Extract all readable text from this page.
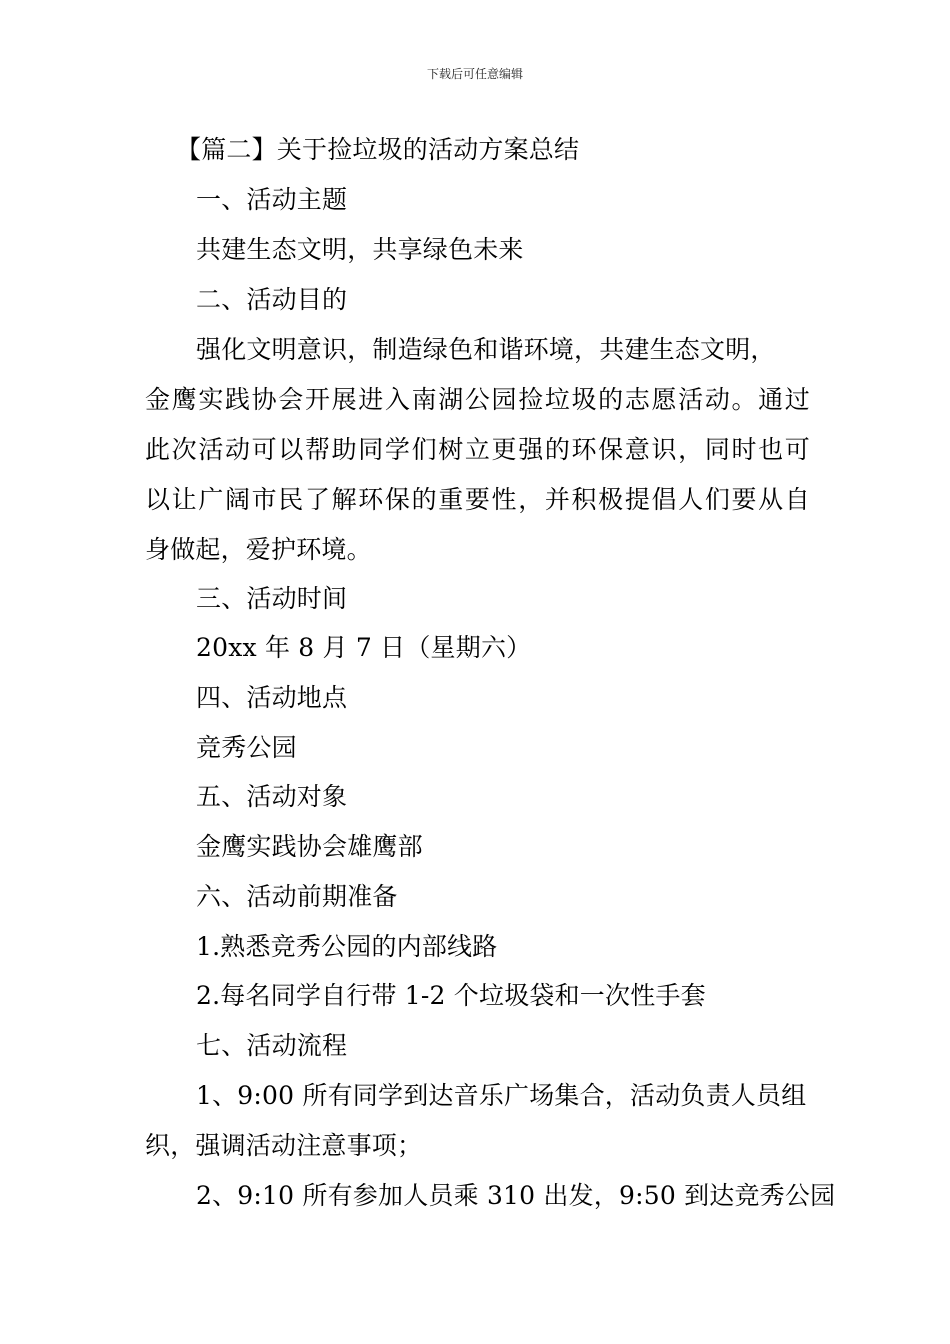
下载后可任意编辑
【篇二】关于捡垃圾的活动方案总结
一、活动主题
共建生态文明，共享绿色未来
二、活动目的
强化文明意识，制造绿色和谐环境，共建生态文明，
金鹰实践协会开展进入南湖公园捡垃圾的志愿活动。通过
此次活动可以帮助同学们树立更强的环保意识，同时也可
以让广阔市民了解环保的重要性，并积极提倡人们要从自
身做起，爱护环境。
三、活动时间
20xx 年 8 月 7 日（星期六）
四、活动地点
竞秀公园
五、活动对象
金鹰实践协会雄鹰部
六、活动前期准备
1.熟悉竞秀公园的内部线路
2.每名同学自行带 1-2 个垃圾袋和一次性手套
七、活动流程
1、9:00 所有同学到达音乐广场集合，活动负责人员组
织，强调活动注意事项；
2、9:10 所有参加人员乘 310 出发，9:50 到达竞秀公园
